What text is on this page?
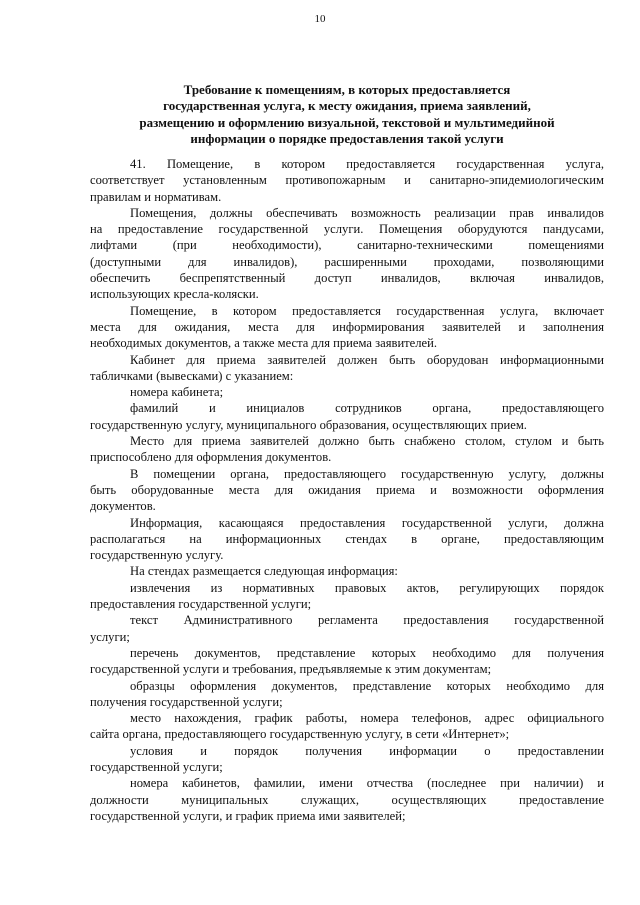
10
Требование к помещениям, в которых предоставляется
государственная услуга, к месту ожидания, приема заявлений,
размещению и оформлению визуальной, текстовой и мультимедийной
информации о порядке предоставления такой услуги
41. Помещение, в котором предоставляется государственная услуга,
соответствует установленным противопожарным и санитарно-эпидемиологическим
правилам и нормативам.
Помещения, должны обеспечивать возможность реализации прав инвалидов
на предоставление государственной услуги. Помещения оборудуются пандусами,
лифтами (при необходимости), санитарно-техническими помещениями
(доступными для инвалидов), расширенными проходами, позволяющими
обеспечить беспрепятственный доступ инвалидов, включая инвалидов,
использующих кресла-коляски.
Помещение, в котором предоставляется государственная услуга, включает
места для ожидания, места для информирования заявителей и заполнения
необходимых документов, а также места для приема заявителей.
Кабинет для приема заявителей должен быть оборудован информационными
табличками (вывесками) с указанием:
номера кабинета;
фамилий и инициалов сотрудников органа, предоставляющего
государственную услугу, муниципального образования, осуществляющих прием.
Место для приема заявителей должно быть снабжено столом, стулом и быть
приспособлено для оформления документов.
В помещении органа, предоставляющего государственную услугу, должны
быть оборудованные места для ожидания приема и возможности оформления
документов.
Информация, касающаяся предоставления государственной услуги, должна
располагаться на информационных стендах в органе, предоставляющим
государственную услугу.
На стендах размещается следующая информация:
извлечения из нормативных правовых актов, регулирующих порядок
предоставления государственной услуги;
текст Административного регламента предоставления государственной
услуги;
перечень документов, представление которых необходимо для получения
государственной услуги и требования, предъявляемые к этим документам;
образцы оформления документов, представление которых необходимо для
получения государственной услуги;
место нахождения, график работы, номера телефонов, адрес официального
сайта органа, предоставляющего государственную услугу, в сети «Интернет»;
условия и порядок получения информации о предоставлении
государственной услуги;
номера кабинетов, фамилии, имени отчества (последнее при наличии) и
должности муниципальных служащих, осуществляющих предоставление
государственной услуги, и график приема ими заявителей;
